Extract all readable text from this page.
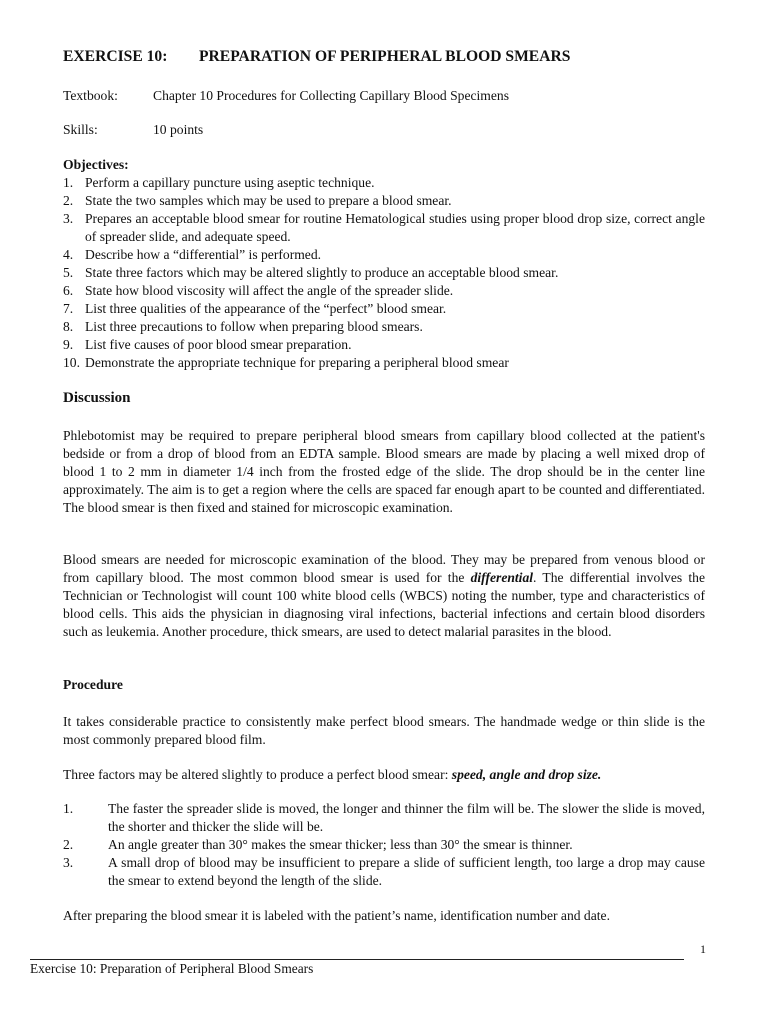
EXERCISE 10: PREPARATION OF PERIPHERAL BLOOD SMEARS
Textbook:	Chapter 10 Procedures for Collecting Capillary Blood Specimens
Skills:	10 points
Objectives:
1. Perform a capillary puncture using aseptic technique.
2. State the two samples which may be used to prepare a blood smear.
3. Prepares an acceptable blood smear for routine Hematological studies using proper blood drop size, correct angle of spreader slide, and adequate speed.
4. Describe how a “differential” is performed.
5. State three factors which may be altered slightly to produce an acceptable blood smear.
6. State how blood viscosity will affect the angle of the spreader slide.
7. List three qualities of the appearance of the “perfect” blood smear.
8. List three precautions to follow when preparing blood smears.
9. List five causes of poor blood smear preparation.
10. Demonstrate the appropriate technique for preparing a peripheral blood smear
Discussion
Phlebotomist may be required to prepare peripheral blood smears from capillary blood collected at the patient's bedside or from a drop of blood from an EDTA sample. Blood smears are made by placing a well mixed drop of blood 1 to 2 mm in diameter 1/4 inch from the frosted edge of the slide. The drop should be in the center line approximately. The aim is to get a region where the cells are spaced far enough apart to be counted and differentiated. The blood smear is then fixed and stained for microscopic examination.
Blood smears are needed for microscopic examination of the blood. They may be prepared from venous blood or from capillary blood. The most common blood smear is used for the differential. The differential involves the Technician or Technologist will count 100 white blood cells (WBCS) noting the number, type and characteristics of blood cells. This aids the physician in diagnosing viral infections, bacterial infections and certain blood disorders such as leukemia. Another procedure, thick smears, are used to detect malarial parasites in the blood.
Procedure
It takes considerable practice to consistently make perfect blood smears. The handmade wedge or thin slide is the most commonly prepared blood film.
Three factors may be altered slightly to produce a perfect blood smear: speed, angle and drop size.
1.	The faster the spreader slide is moved, the longer and thinner the film will be. The slower the slide is moved, the shorter and thicker the slide will be.
2.	An angle greater than 30° makes the smear thicker; less than 30° the smear is thinner.
3.	A small drop of blood may be insufficient to prepare a slide of sufficient length, too large a drop may cause the smear to extend beyond the length of the slide.
After preparing the blood smear it is labeled with the patient’s name, identification number and date.
1
Exercise 10: Preparation of Peripheral Blood Smears
